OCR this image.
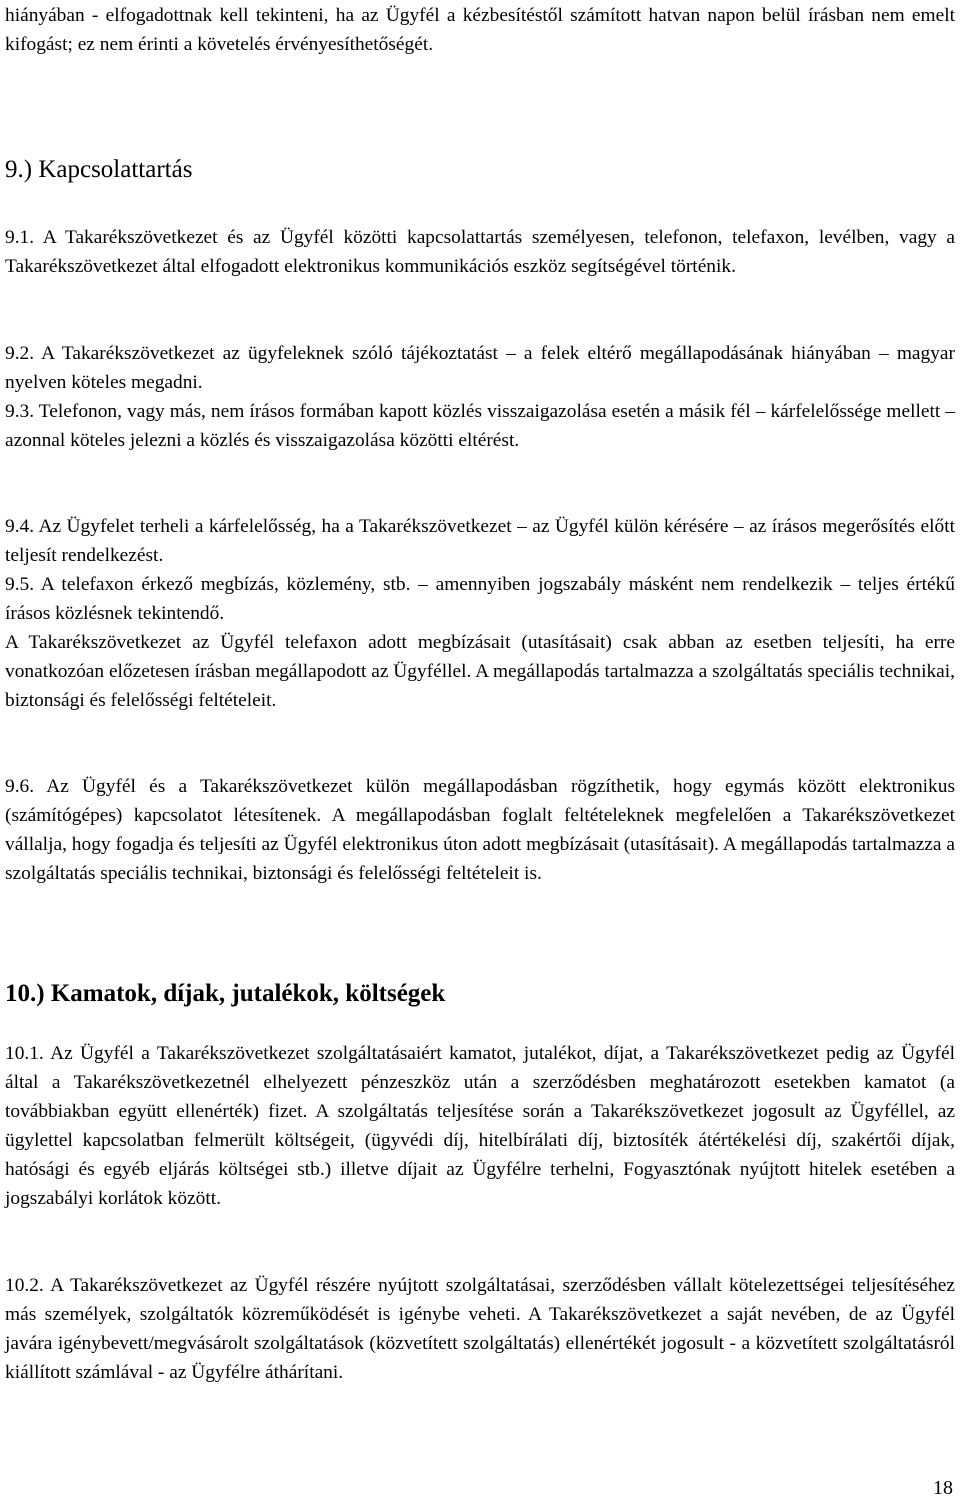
hiányában - elfogadottnak kell tekinteni, ha az Ügyfél a kézbesítéstől számított hatvan napon belül írásban nem emelt kifogást; ez nem érinti a követelés érvényesíthetőségét.

9.) Kapcsolattartás

9.1. A Takarékszövetkezet és az Ügyfél közötti kapcsolattartás személyesen, telefonon, telefaxon, levélben, vagy a Takarékszövetkezet által elfogadott elektronikus kommunikációs eszköz segítségével történik.

9.2. A Takarékszövetkezet az ügyfeleknek szóló tájékoztatást – a felek eltérő megállapodásának hiányában – magyar nyelven köteles megadni.

9.3. Telefonon, vagy más, nem írásos formában kapott közlés visszaigazolása esetén a másik fél – kárfelelőssége mellett – azonnal köteles jelezni a közlés és visszaigazolása közötti eltérést.

9.4. Az Ügyfelet terheli a kárfelelősség, ha a Takarékszövetkezet – az Ügyfél külön kérésére – az írásos megerősítés előtt teljesít rendelkezést.

9.5. A telefaxon érkező megbízás, közlemény, stb. – amennyiben jogszabály másként nem rendelkezik – teljes értékű írásos közlésnek tekintendő.

A Takarékszövetkezet az Ügyfél telefaxon adott megbízásait (utasításait) csak abban az esetben teljesíti, ha erre vonatkozóan előzetesen írásban megállapodott az Ügyféllel. A megállapodás tartalmazza a szolgáltatás speciális technikai, biztonsági és felelősségi feltételeit.

9.6. Az Ügyfél és a Takarékszövetkezet külön megállapodásban rögzíthetik, hogy egymás között elektronikus (számítógépes) kapcsolatot létesítenek. A megállapodásban foglalt feltételeknek megfelelően a Takarékszövetkezet vállalja, hogy fogadja és teljesíti az Ügyfél elektronikus úton adott megbízásait (utasításait). A megállapodás tartalmazza a szolgáltatás speciális technikai, biztonsági és felelősségi feltételeit is.

10.) Kamatok, díjak, jutalékok, költségek

10.1. Az Ügyfél a Takarékszövetkezet szolgáltatásaiért kamatot, jutalékot, díjat, a Takarékszövetkezet pedig az Ügyfél által a Takarékszövetkezetnél elhelyezett pénzeszköz után a szerződésben meghatározott esetekben kamatot (a továbbiakban együtt ellenérték) fizet. A szolgáltatás teljesítése során a Takarékszövetkezet jogosult az Ügyféllel, az ügylettel kapcsolatban felmerült költségeit, (ügyvédi díj, hitelbírálati díj, biztosíték átértékelési díj, szakértői díjak, hatósági és egyéb eljárás költségei stb.) illetve díjait az Ügyfélre terhelni, Fogyasztónak nyújtott hitelek esetében a jogszabályi korlátok között.

10.2. A Takarékszövetkezet az Ügyfél részére nyújtott szolgáltatásai, szerződésben vállalt kötelezettségei teljesítéséhez más személyek, szolgáltatók közreműködését is igénybe veheti. A Takarékszövetkezet a saját nevében, de az Ügyfél javára igénybevett/megvásárolt szolgáltatások (közvetített szolgáltatás) ellenértékét jogosult - a közvetített szolgáltatásról kiállított számlával - az Ügyfélre áthárítani.

18
